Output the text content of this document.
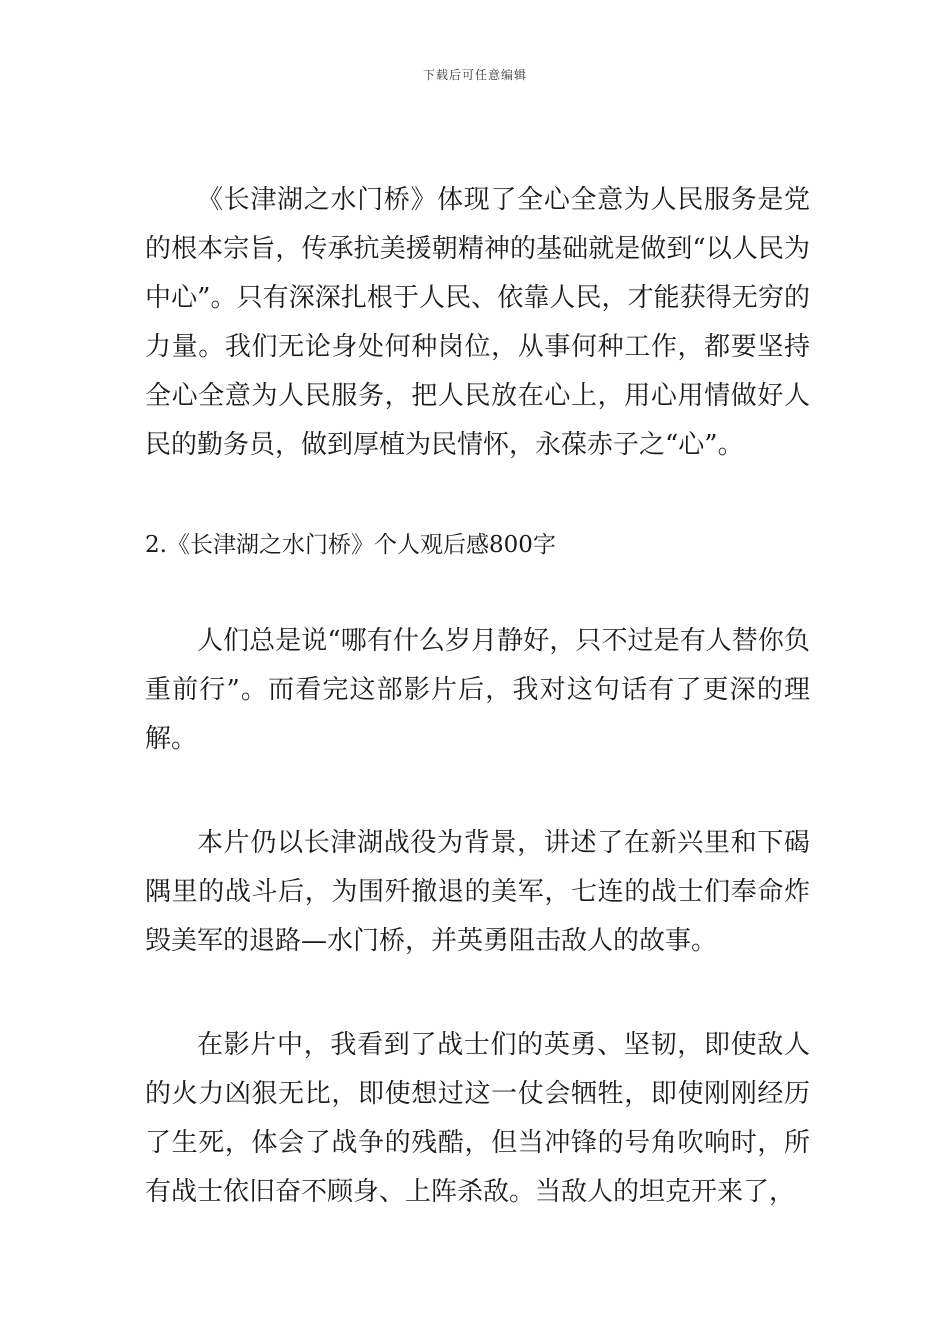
下载后可任意编辑

《长津湖之水门桥》体现了全心全意为人民服务是党的根本宗旨，传承抗美援朝精神的基础就是做到“以人民为中心”。只有深深扎根于人民、依靠人民，才能获得无穷的力量。我们无论身处何种岗位，从事何种工作，都要坚持全心全意为人民服务，把人民放在心上，用心用情做好人民的勤务员，做到厚植为民情怀，永葆赤子之“心”。

2.《长津湖之水门桥》个人观后感800字

人们总是说“哪有什么岁月静好，只不过是有人替你负重前行”。而看完这部影片后，我对这句话有了更深的理解。

本片仍以长津湖战役为背景，讲述了在新兴里和下碣隅里的战斗后，为围歼撤退的美军，七连的战士们奉命炸毁美军的退路—水门桥，并英勇阻击敌人的故事。

在影片中，我看到了战士们的英勇、坚韧，即使敌人的火力凶狠无比，即使想过这一仗会牺牲，即使刚刚经历了生死，体会了战争的残酷，但当冲锋的号角吹响时，所有战士依旧奋不顾身、上阵杀敌。当敌人的坦克开来了，
